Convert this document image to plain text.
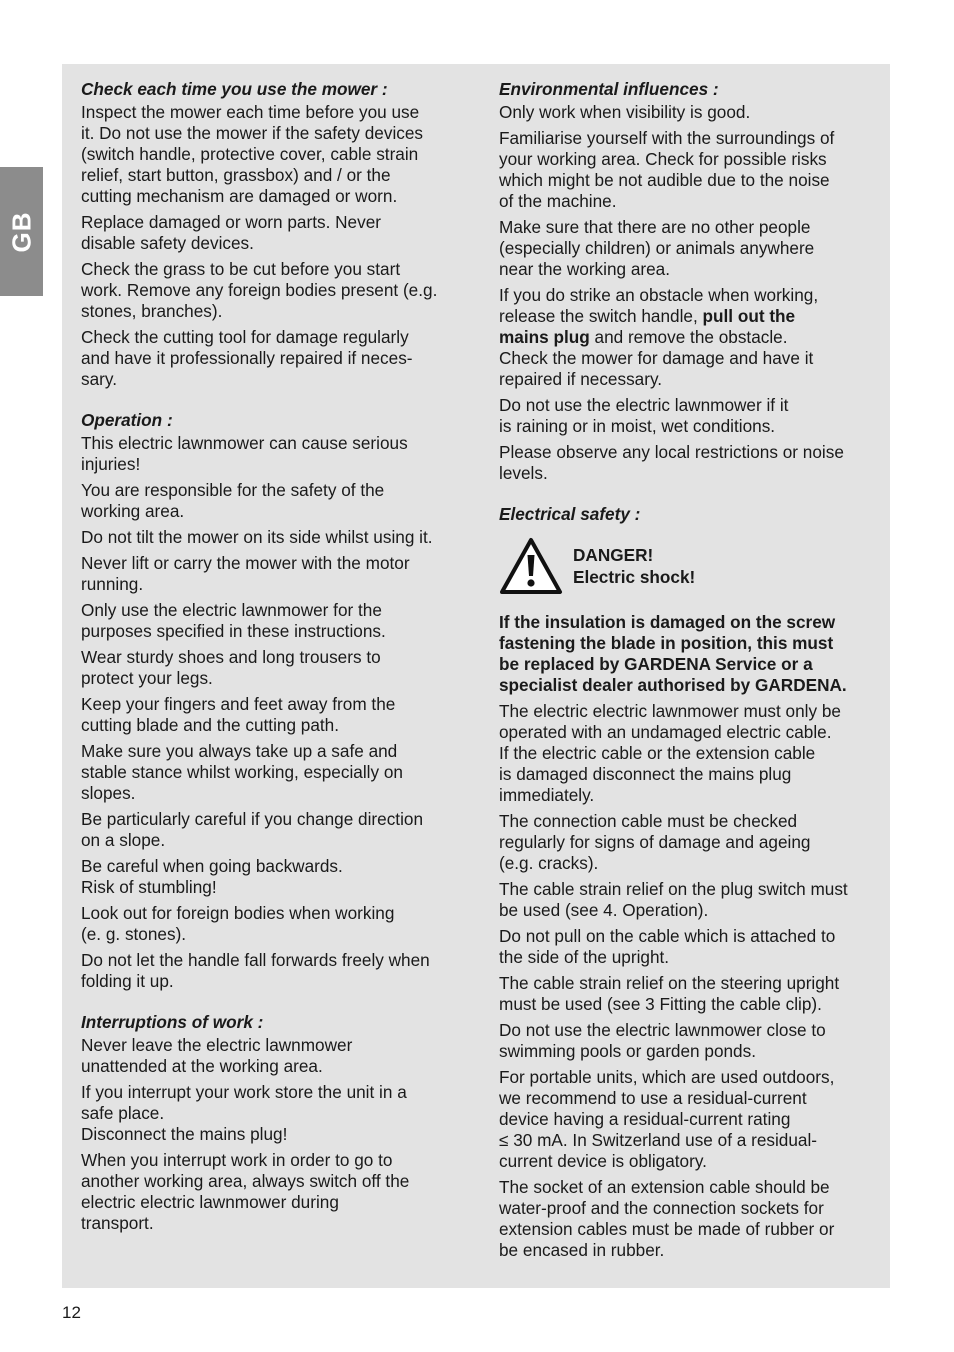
GB
Check each time you use the mower :

Inspect the mower each time before you use
it. Do not use the mower if the safety devices
(switch handle, protective cover, cable strain
relief, start button, grassbox) and / or the
cutting mechanism are damaged or worn.

Replace damaged or worn parts. Never
disable safety devices.

Check the grass to be cut before you start
work. Remove any foreign bodies present (e.g.
stones, branches).

Check the cutting tool for damage regularly
and have it professionally repaired if neces-
sary.

Operation :

This electric lawnmower can cause serious
injuries!

You are responsible for the safety of the
working area.

Do not tilt the mower on its side whilst using it.

Never lift or carry the mower with the motor
running.

Only use the electric lawnmower for the
purposes specified in these instructions.

Wear sturdy shoes and long trousers to
protect your legs.

Keep your fingers and feet away from the
cutting blade and the cutting path.

Make sure you always take up a safe and
stable stance whilst working, especially on
slopes.

Be particularly careful if you change direction
on a slope.

Be careful when going backwards.
Risk of stumbling!

Look out for foreign bodies when working
(e. g. stones).

Do not let the handle fall forwards freely when
folding it up.

Interruptions of work :

Never leave the electric lawnmower
unattended at the working area.

If you interrupt your work store the unit in a
safe place.
Disconnect the mains plug!

When you interrupt work in order to go to
another working area, always switch off the
electric electric lawnmower during
transport.

Environmental influences :

Only work when visibility is good.

Familiarise yourself with the surroundings of
your working area. Check for possible risks
which might be not audible due to the noise
of the machine.

Make sure that there are no other people
(especially children) or animals anywhere
near the working area.

If you do strike an obstacle when working,
release the switch handle, pull out the
mains plug and remove the obstacle.
Check the mower for damage and have it
repaired if necessary.

Do not use the electric lawnmower if it
is raining or in moist, wet conditions.

Please observe any local restrictions or noise
levels.

Electrical safety :
DANGER!
Electric shock!

If the insulation is damaged on the screw
fastening the blade in position, this must
be replaced by GARDENA Service or a
specialist dealer authorised by GARDENA.

The electric electric lawnmower must only be
operated with an undamaged electric cable.
If the electric cable or the extension cable
is damaged disconnect the mains plug
immediately.

The connection cable must be checked
regularly for signs of damage and ageing
(e.g. cracks).

The cable strain relief on the plug switch must
be used (see 4. Operation).

Do not pull on the cable which is attached to
the side of the upright.

The cable strain relief on the steering upright
must be used (see 3 Fitting the cable clip).

Do not use the electric lawnmower close to
swimming pools or garden ponds.

For portable units, which are used outdoors,
we recommend to use a residual-current
device having a residual-current rating
≤ 30 mA. In Switzerland use of a residual-
current device is obligatory.

The socket of an extension cable should be
water-proof and the connection sockets for
extension cables must be made of rubber or
be encased in rubber.

12
